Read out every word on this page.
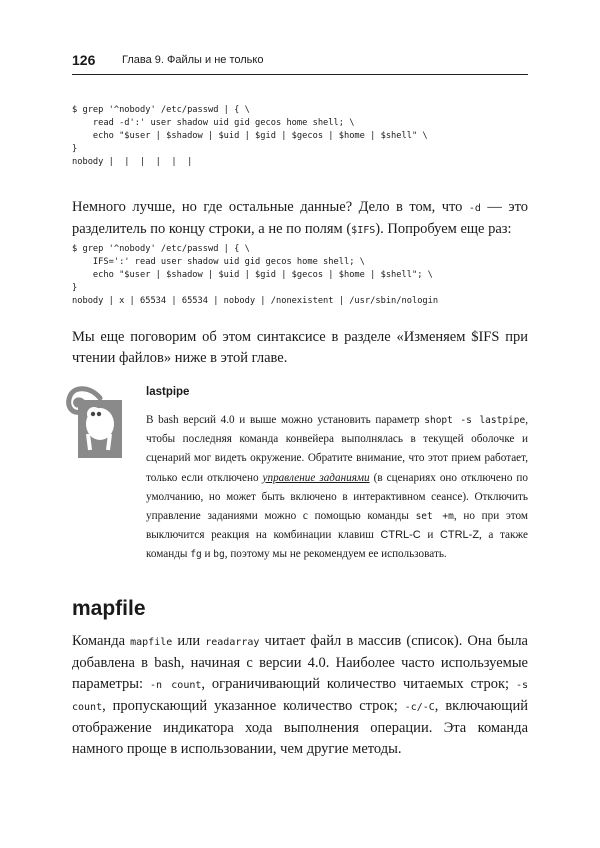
126 Глава 9. Файлы и не только
$ grep '^nobody' /etc/passwd | { \
read -d':' user shadow uid gid gecos home shell; \
echo "$user | $shadow | $uid | $gid | $gecos | $home | $shell" \
}
nobody |  |  |  |  |  |
Немного лучше, но где остальные данные? Дело в том, что -d — это разделитель по концу строки, а не по полям ($IFS). Попробуем еще раз:
$ grep '^nobody' /etc/passwd | { \
IFS=':' read user shadow uid gid gecos home shell; \
echo "$user | $shadow | $uid | $gid | $gecos | $home | $shell"; \
}
nobody | x | 65534 | 65534 | nobody | /nonexistent | /usr/sbin/nologin
Мы еще поговорим об этом синтаксисе в разделе «Изменяем $IFS при чтении файлов» ниже в этой главе.
lastpipe
В bash версий 4.0 и выше можно установить параметр shopt -s lastpipe, чтобы последняя команда конвейера выполнялась в текущей оболочке и сценарий мог видеть окружение. Обратите внимание, что этот прием работает, только если отключено управление заданиями (в сценариях оно отключено по умолчанию, но может быть включено в интерактивном сеансе). Отключить управление заданиями можно с помощью команды set +m, но при этом выключится реакция на комбинации клавиш CTRL-C и CTRL-Z, а также команды fg и bg, поэтому мы не рекомендуем ее использовать.
mapfile
Команда mapfile или readarray читает файл в массив (список). Она была добавлена в bash, начиная с версии 4.0. Наиболее часто используемые параметры: -n count, ограничивающий количество читаемых строк; -s count, пропускающий указанное количество строк; -c/-C, включающий отображение индикатора хода выполнения операции. Эта команда намного проще в использовании, чем другие методы.
